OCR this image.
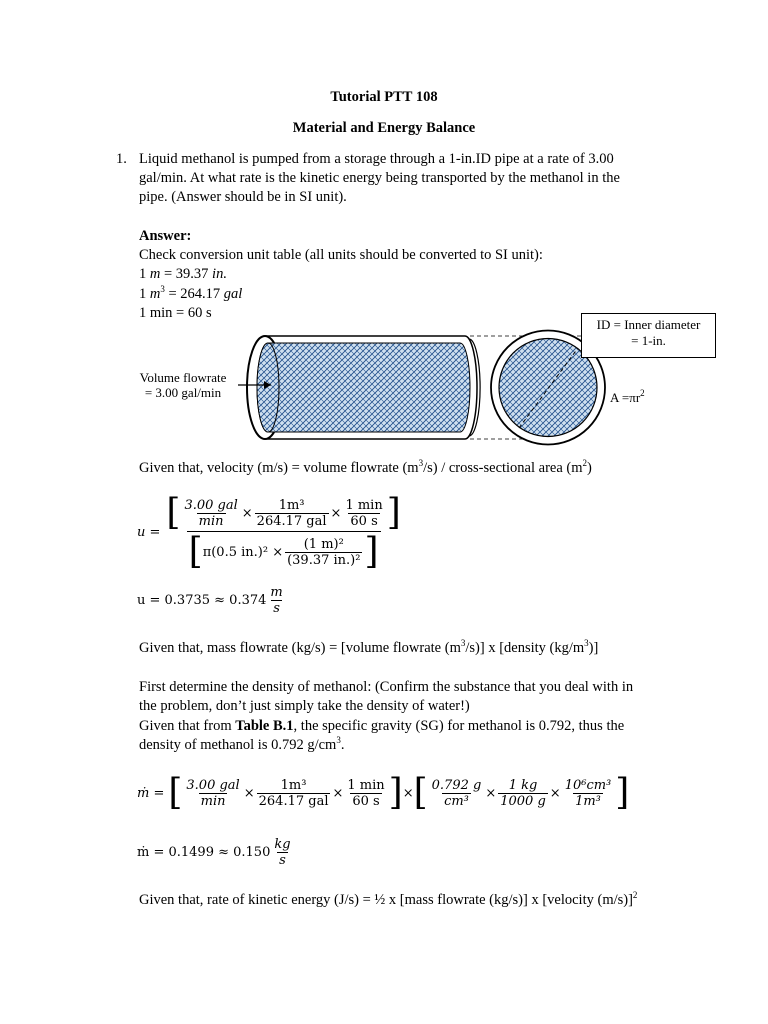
Tutorial PTT 108
Material and Energy Balance
1. Liquid methanol is pumped from a storage through a 1-in.ID pipe at a rate of 3.00
gal/min. At what rate is the kinetic energy being transported by the methanol in the
pipe. (Answer should be in SI unit).
Answer:
Check conversion unit table (all units should be converted to SI unit):
1 m = 39.37 in.
1 $m^3 = 264.17$ gal
1 min = 60 s
ID = Inner diameter
= 1-in.
Volume flowrate
= 3.00 gal/min	$A =\pi r^2$
Given that, velocity (m/s) = volume flowrate $(m^3/s)$ / cross-sectional area $(m^2)$
u = [ $\frac{\text{3.00 gal}}{\min} \times \frac{\text{1m³}}{\text{264.17 gal}} \times \frac{1 \min}{60 s}$ ]
[ π(0.5 $in.)^2 \times \frac{\text{(1 m)²}}{\text{(39.37 in.)²}}$ ]
$u = 0.3735 \approx 0.374 \frac{m}{s}$
Given that, mass flowrate (kg/s) = [volume flowrate $(m^3/s)$] x [density $(kg/m^3)$]
First determine the density of methanol: (Confirm the substance that you deal with in
the problem, don’t just simply take the density of water!)
Given that from Table B.1, the specific gravity (SG) for methanol is 0.792, thus the
density of methanol is 0.792 $g/cm^3$.
ṁ = [ $\frac{\text{3.00 gal}}{\min} \times \frac{\text{1m³}}{\text{264.17 gal}} \times \frac{1 \min}{60 s}$ ] × [ $\frac{0.792 g}{\text{cm³}} \times \frac{1 kg}{1000 g} \times \frac{\text{10⁶cm³}}{\text{1m³}}$ ]
ṁ = $0.1499 \approx 0.150 \frac{kg}{s}$
Given that, rate of kinetic energy (J/s) = ½ x [mass flowrate (kg/s)] x [velocity (m/s)]$^2$
